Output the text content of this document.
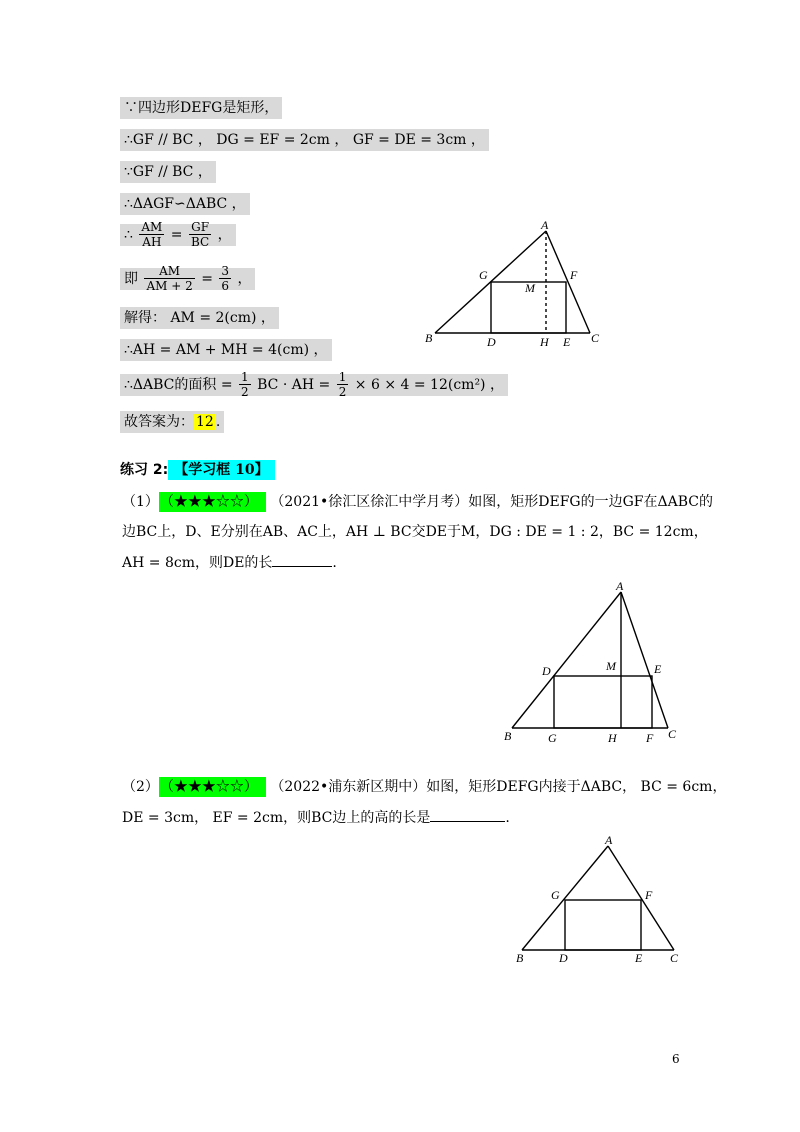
∵四边形DEFG是矩形，
∴GF // BC ， DG = EF = 2cm ， GF = DE = 3cm ，
∵GF // BC ，
∴ΔAGF∽ΔABC ，
∴ $\frac{AM}{AH} = \frac{GF}{BC}$ ，
即 $\frac{AM}{AM + 2} = \frac{3}{6}$ ，
解得： AM = 2(cm) ，
∴AH = AM + MH = 4(cm) ，
∴ΔABC的面积 = $\frac{1}{2}$ BC · AH = $\frac{1}{2} \times 6 \times 4 = 12(cm^2)$ ，
故答案为： 12 .
A
G	F
M
B	D	H E C
练习 2: 【学习框 10】
（1） （★★★☆☆） （2021•徐汇区徐汇中学月考）如图，矩形DEFG的一边GF在ΔABC的
边BC上，D、E分别在AB、AC上，AH ⊥ BC交DE于M，DG : DE = 1 : 2，BC = 12cm，
AH = 8cm，则DE的长	.
A
D	M	E
B	G	H F C
（2） （★★★☆☆） （2022•浦东新区期中）如图，矩形DEFG内接于ΔABC， BC = 6cm，
DE = 3cm， EF = 2cm，则BC边上的高的长是	.
A
G	F
B	D	E C
6
